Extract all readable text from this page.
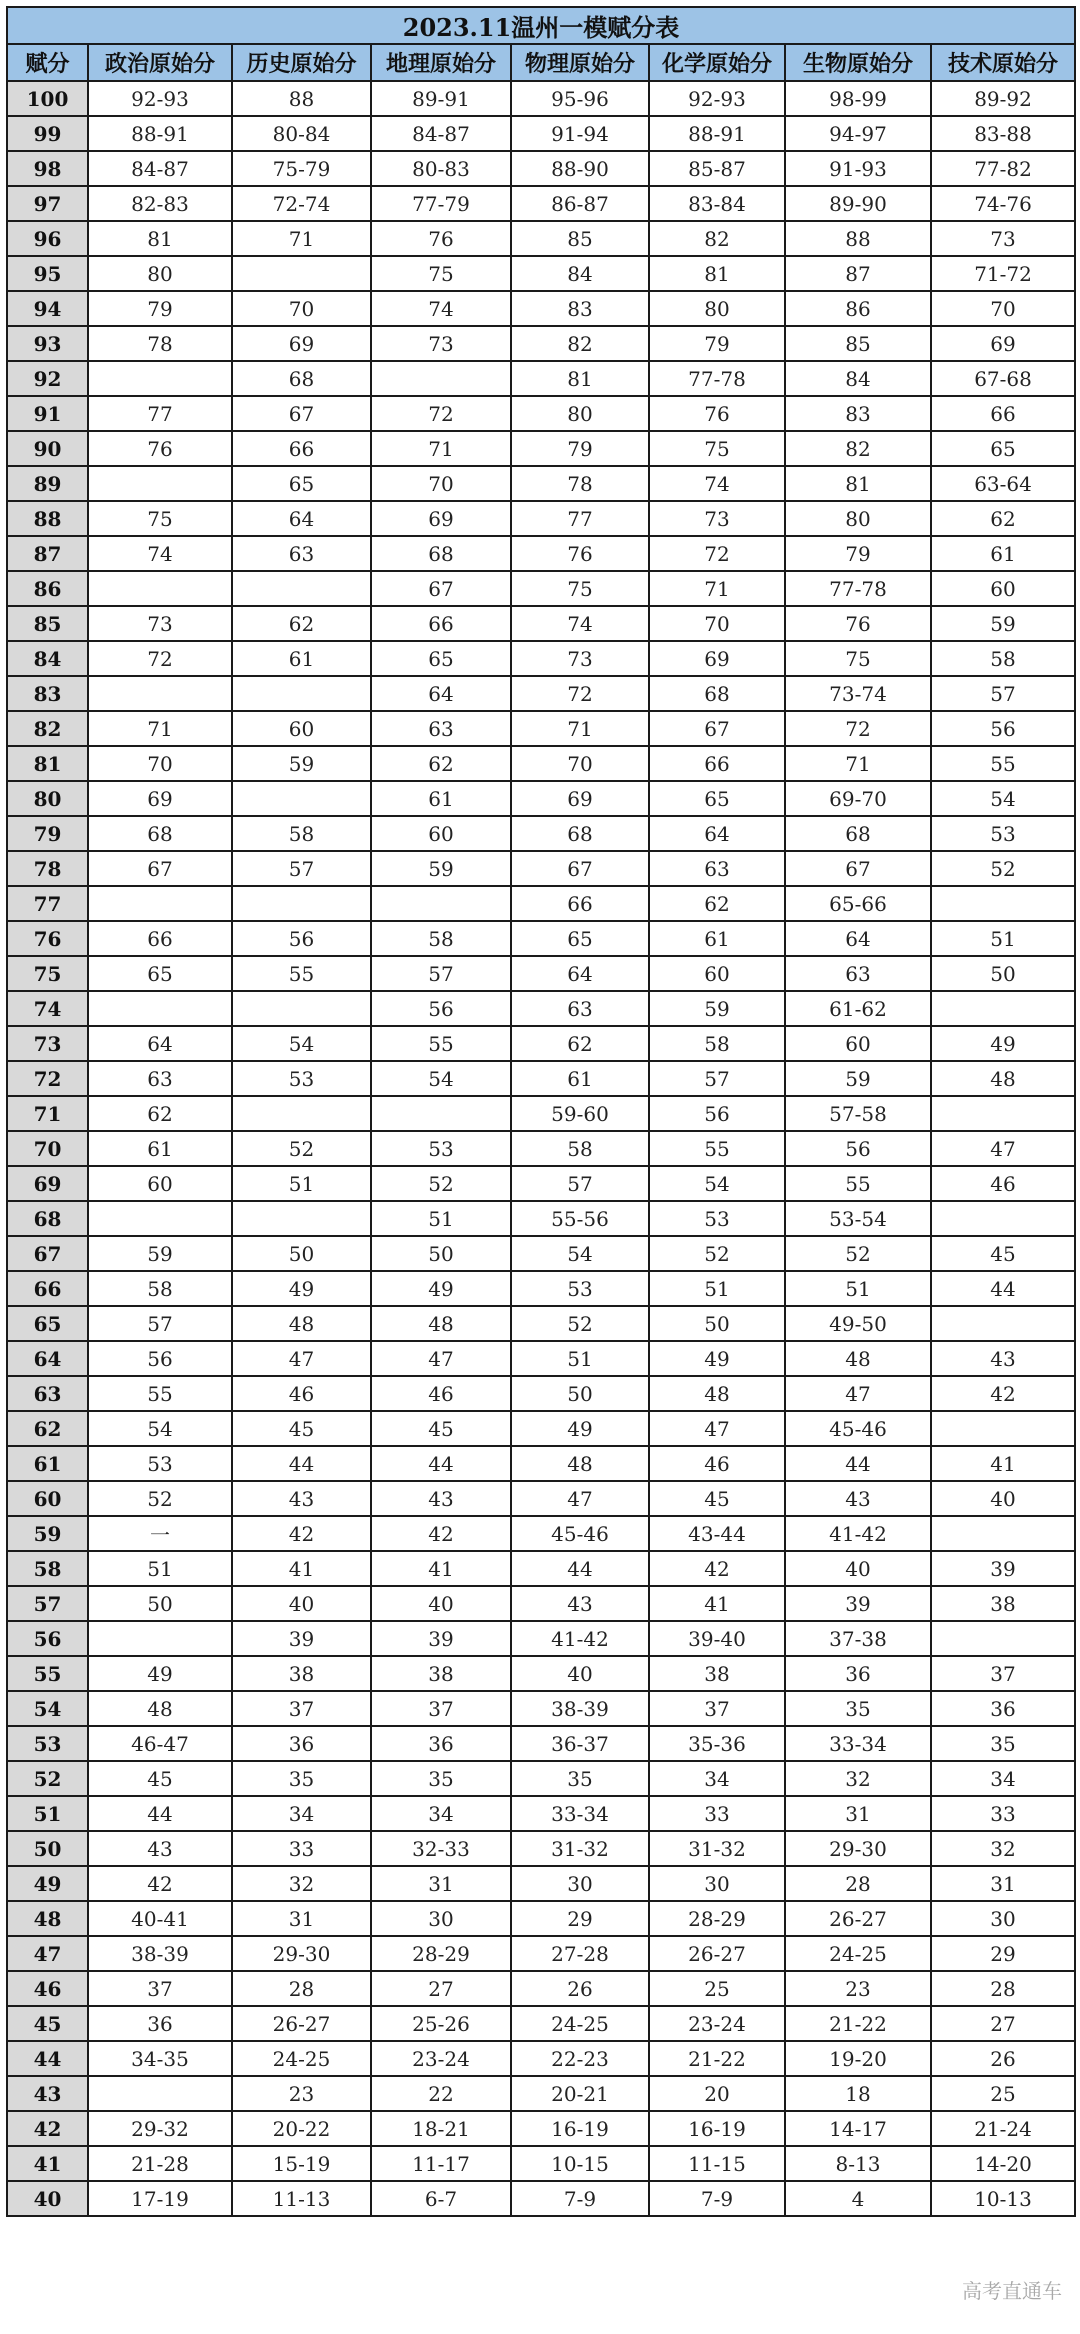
2023.11温州一模赋分表							
赋分	政治原始分	历史原始分	地理原始分	物理原始分	化学原始分	生物原始分	技术原始分
100	92-93	88	89-91	95-96	92-93	98-99	89-92
99	88-91	80-84	84-87	91-94	88-91	94-97	83-88
98	84-87	75-79	80-83	88-90	85-87	91-93	77-82
97	82-83	72-74	77-79	86-87	83-84	89-90	74-76
96	81	71	76	85	82	88	73
95	80		75	84	81	87	71-72
94	79	70	74	83	80	86	70
93	78	69	73	82	79	85	69
92		68		81	77-78	84	67-68
91	77	67	72	80	76	83	66
90	76	66	71	79	75	82	65
89		65	70	78	74	81	63-64
88	75	64	69	77	73	80	62
87	74	63	68	76	72	79	61
86			67	75	71	77-78	60
85	73	62	66	74	70	76	59
84	72	61	65	73	69	75	58
83			64	72	68	73-74	57
82	71	60	63	71	67	72	56
81	70	59	62	70	66	71	55
80	69		61	69	65	69-70	54
79	68	58	60	68	64	68	53
78	67	57	59	67	63	67	52
77				66	62	65-66	
76	66	56	58	65	61	64	51
75	65	55	57	64	60	63	50
74			56	63	59	61-62	
73	64	54	55	62	58	60	49
72	63	53	54	61	57	59	48
71	62			59-60	56	57-58	
70	61	52	53	58	55	56	47
69	60	51	52	57	54	55	46
68			51	55-56	53	53-54	
67	59	50	50	54	52	52	45
66	58	49	49	53	51	51	44
65	57	48	48	52	50	49-50	
64	56	47	47	51	49	48	43
63	55	46	46	50	48	47	42
62	54	45	45	49	47	45-46	
61	53	44	44	48	46	44	41
60	52	43	43	47	45	43	40
59	一	42	42	45-46	43-44	41-42	
58	51	41	41	44	42	40	39
57	50	40	40	43	41	39	38
56		39	39	41-42	39-40	37-38	
55	49	38	38	40	38	36	37
54	48	37	37	38-39	37	35	36
53	46-47	36	36	36-37	35-36	33-34	35
52	45	35	35	35	34	32	34
51	44	34	34	33-34	33	31	33
50	43	33	32-33	31-32	31-32	29-30	32
49	42	32	31	30	30	28	31
48	40-41	31	30	29	28-29	26-27	30
47	38-39	29-30	28-29	27-28	26-27	24-25	29
46	37	28	27	26	25	23	28
45	36	26-27	25-26	24-25	23-24	21-22	27
44	34-35	24-25	23-24	22-23	21-22	19-20	26
43		23	22	20-21	20	18	25
42	29-32	20-22	18-21	16-19	16-19	14-17	21-24
41	21-28	15-19	11-17	10-15	11-15	8-13	14-20
40	17-19	11-13	6-7	7-9	7-9	4	10-13
高考直通车
